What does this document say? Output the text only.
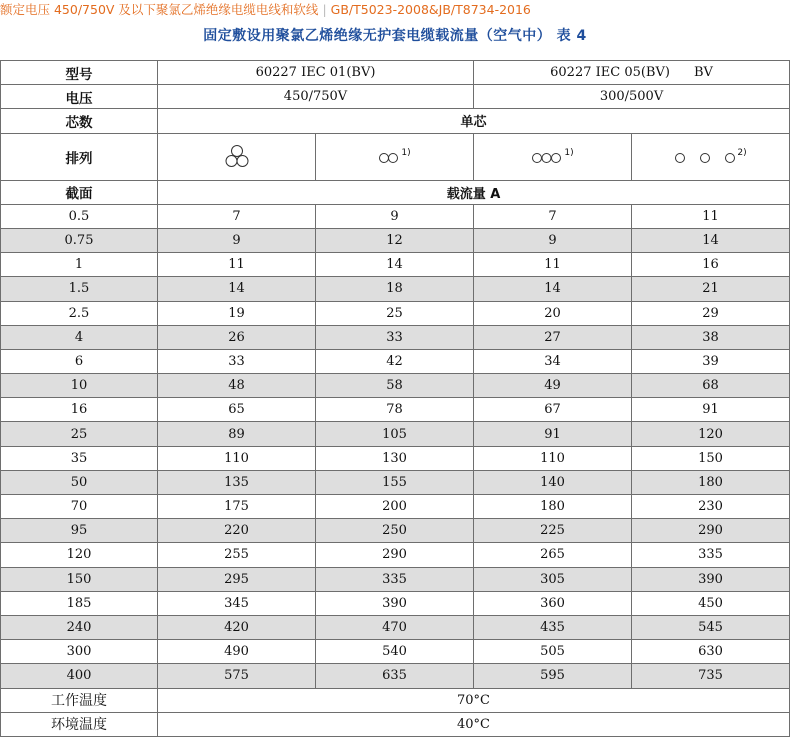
额定电压 450/750V 及以下聚氯乙烯绝缘电缆电线和软线 | GB/T5023-2008&JB/T8734-2016
固定敷设用聚氯乙烯绝缘无护套电缆载流量（空气中） 表 4
型号	60227 IEC 01(BV)		60227 IEC 05(BV) BV	
电压	450/750V		300/500V	
芯数	单芯			
排列		$^{1)}$	$^{1)}$	$^{2)}$
截面	载流量 A			
0.5	7	9	7	11
0.75	9	12	9	14
1	11	14	11	16
1.5	14	18	14	21
2.5	19	25	20	29
4	26	33	27	38
6	33	42	34	39
10	48	58	49	68
16	65	78	67	91
25	89	105	91	120
35	110	130	110	150
50	135	155	140	180
70	175	200	180	230
95	220	250	225	290
120	255	290	265	335
150	295	335	305	390
185	345	390	360	450
240	420	470	435	545
300	490	540	505	630
400	575	635	595	735
工作温度	70°C			
环境温度	40°C			
